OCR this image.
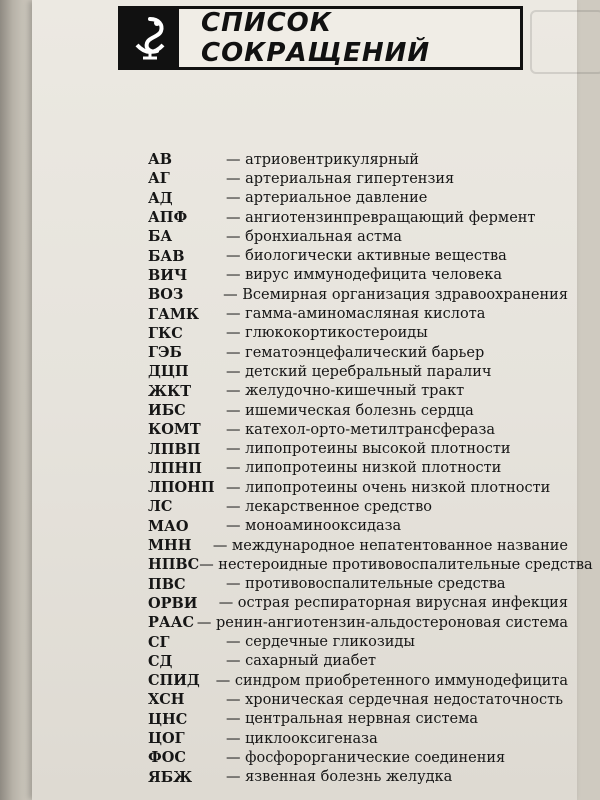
СПИСОК СОКРАЩЕНИЙ
АВ	— атриовентрикулярный
АГ	— артериальная гипертензия
АД	— артериальное давление
АПФ	— ангиотензинпревращающий фермент
БА	— бронхиальная астма
БАВ	— биологически активные вещества
ВИЧ	— вирус иммунодефицита человека
ВОЗ	— Всемирная организация здравоохранения
ГАМК	— гамма-аминомасляная кислота
ГКС	— глюкокортикостероиды
ГЭБ	— гематоэнцефалический барьер
ДЦП	— детский церебральный паралич
ЖКТ	— желудочно-кишечный тракт
ИБС	— ишемическая болезнь сердца
КОМТ	— катехол-орто-метилтрансфераза
ЛПВП	— липопротеины высокой плотности
ЛПНП	— липопротеины низкой плотности
ЛПОНП — липопротеины очень низкой плотности
ЛС	— лекарственное средство
МАО	— моноаминооксидаза
МНН	— международное непатентованное название
НПВС — нестероидные противовоспалительные средства
ПВС	— противовоспалительные средства
ОРВИ	— острая респираторная вирусная инфекция
РААС — ренин-ангиотензин-альдостероновая система
СГ	— сердечные гликозиды
СД	— сахарный диабет
СПИД	— синдром приобретенного иммунодефицита
ХСН	— хроническая сердечная недостаточность
ЦНС	— центральная нервная система
ЦОГ	— циклооксигеназа
ФОС	— фосфорорганические соединения
ЯБЖ	— язвенная болезнь желудка
